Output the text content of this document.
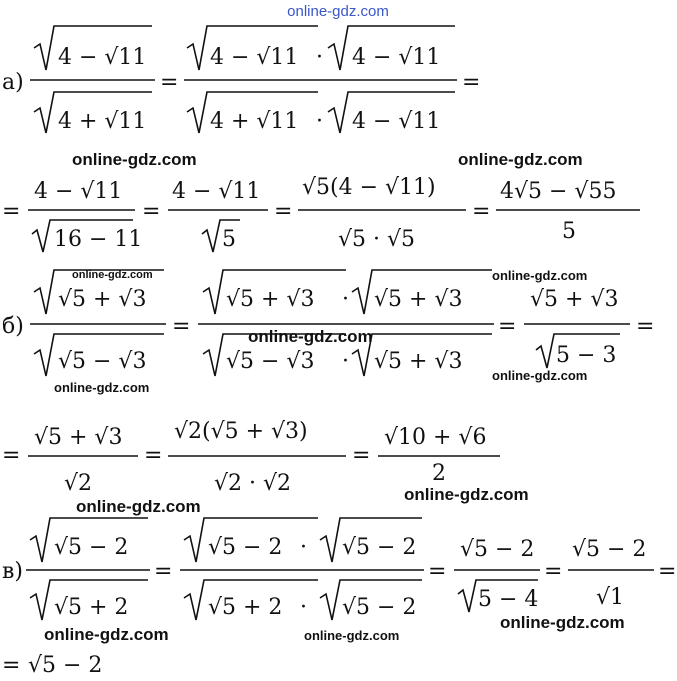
online-gdz.com
а)
4 − √11
4 + √11
=
4 − √11 · 4 − √11
4 + √11 · 4 − √11
=
online-gdz.com	online-gdz.com
=
4 − √11
16 − 11
=
4 − √11
5
=
√5(4 − √11)
√5 · √5
=
4√5 − √55
5
б)
online-gdz.com
√5 + √3
√5 − √3
online-gdz.com
=
√5 + √3 · √5 + √3
√5 − √3 · √5 + √3
online-gdz.com
online-gdz.com
=
√5 + √3
5 − 3
online-gdz.com
=
=
√5 + √3
√2
=
√2(√5 + √3)
√2 · √2
=
√10 + √6
2
online-gdz.com
online-gdz.com
в)
√5 − 2
√5 + 2
=
√5 − 2 · √5 − 2
√5 + 2 · √5 − 2
=
√5 − 2
5 − 4
=
√5 − 2
√1
=
online-gdz.com	online-gdz.com
online-gdz.com
= √5 − 2
